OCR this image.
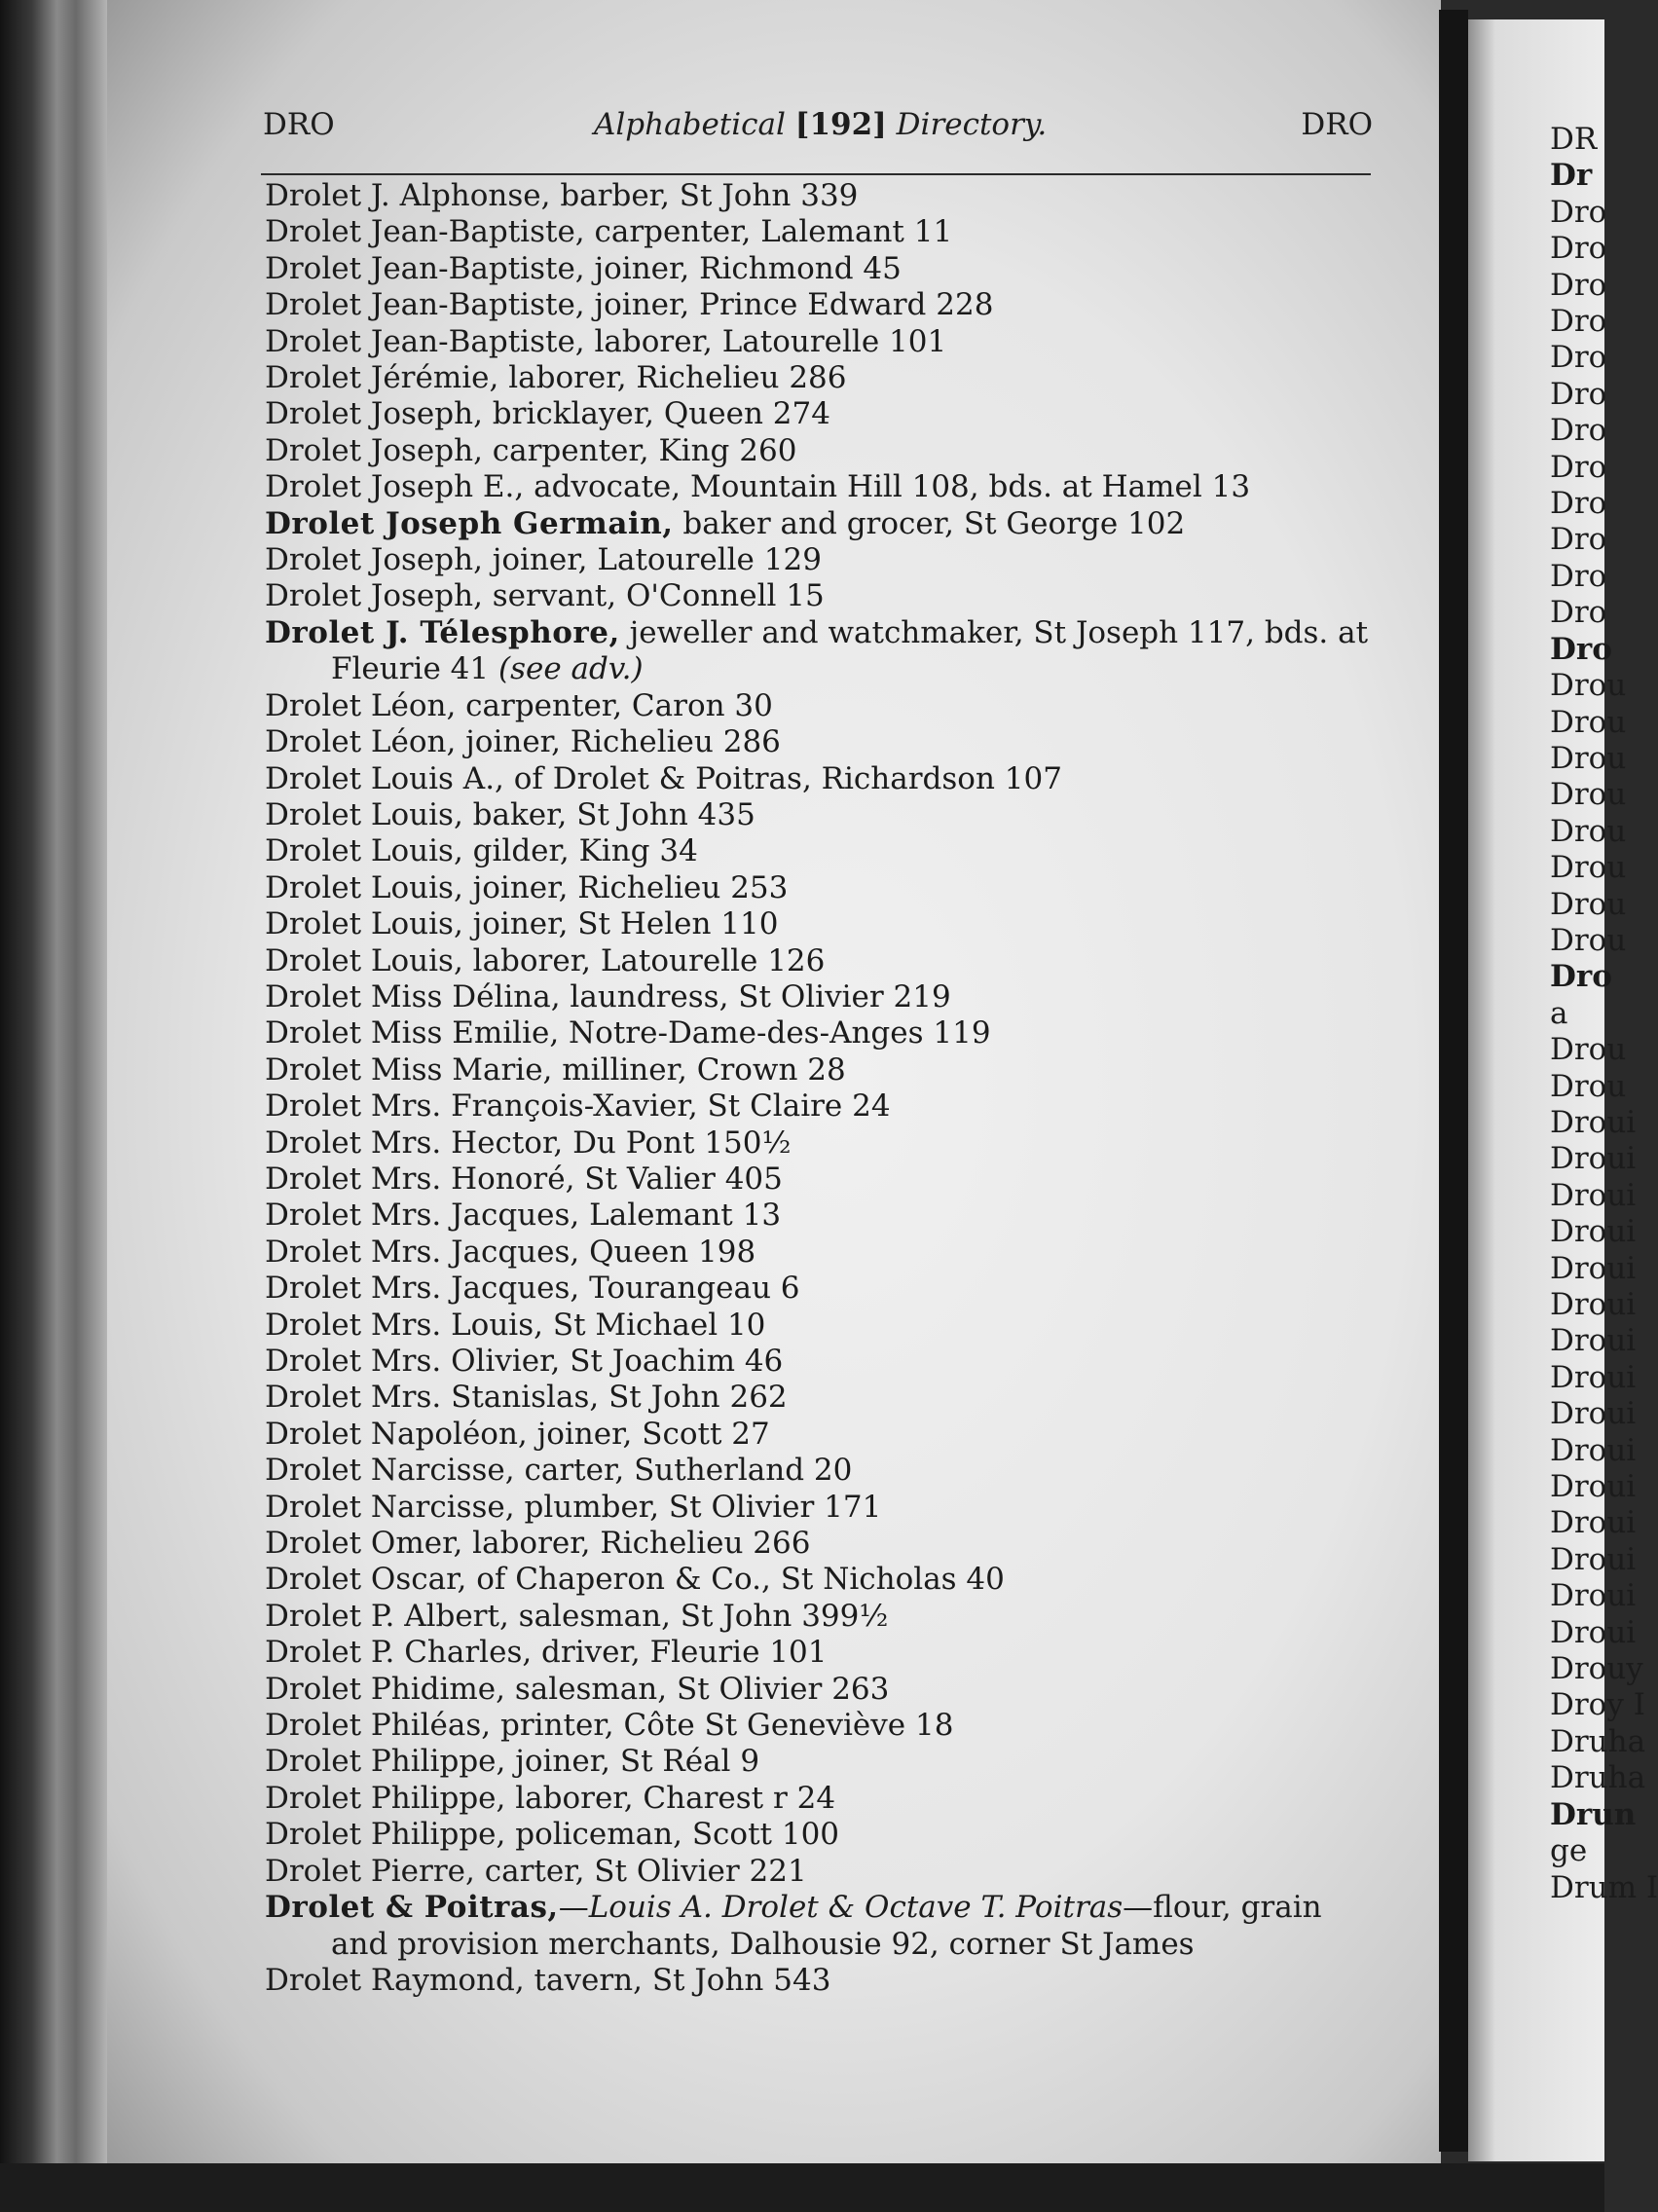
DRO	Alphabetical [192] Directory.	DRO
Drolet J. Alphonse, barber, St John 339
Drolet Jean-Baptiste, carpenter, Lalemant 11
Drolet Jean-Baptiste, joiner, Richmond 45
Drolet Jean-Baptiste, joiner, Prince Edward 228
Drolet Jean-Baptiste, laborer, Latourelle 101
Drolet Jérémie, laborer, Richelieu 286
Drolet Joseph, bricklayer, Queen 274
Drolet Joseph, carpenter, King 260
Drolet Joseph E., advocate, Mountain Hill 108, bds. at Hamel 13
Drolet Joseph Germain, baker and grocer, St George 102
Drolet Joseph, joiner, Latourelle 129
Drolet Joseph, servant, O'Connell 15
Drolet J. Télesphore, jeweller and watchmaker, St Joseph 117, bds. at Fleurie 41 (see adv.)
Drolet Léon, carpenter, Caron 30
Drolet Léon, joiner, Richelieu 286
Drolet Louis A., of Drolet & Poitras, Richardson 107
Drolet Louis, baker, St John 435
Drolet Louis, gilder, King 34
Drolet Louis, joiner, Richelieu 253
Drolet Louis, joiner, St Helen 110
Drolet Louis, laborer, Latourelle 126
Drolet Miss Délina, laundress, St Olivier 219
Drolet Miss Emilie, Notre-Dame-des-Anges 119
Drolet Miss Marie, milliner, Crown 28
Drolet Mrs. François-Xavier, St Claire 24
Drolet Mrs. Hector, Du Pont 150½
Drolet Mrs. Honoré, St Valier 405
Drolet Mrs. Jacques, Lalemant 13
Drolet Mrs. Jacques, Queen 198
Drolet Mrs. Jacques, Tourangeau 6
Drolet Mrs. Louis, St Michael 10
Drolet Mrs. Olivier, St Joachim 46
Drolet Mrs. Stanislas, St John 262
Drolet Napoléon, joiner, Scott 27
Drolet Narcisse, carter, Sutherland 20
Drolet Narcisse, plumber, St Olivier 171
Drolet Omer, laborer, Richelieu 266
Drolet Oscar, of Chaperon & Co., St Nicholas 40
Drolet P. Albert, salesman, St John 399½
Drolet P. Charles, driver, Fleurie 101
Drolet Phidime, salesman, St Olivier 263
Drolet Philéas, printer, Côte St Geneviève 18
Drolet Philippe, joiner, St Réal 9
Drolet Philippe, laborer, Charest r 24
Drolet Philippe, policeman, Scott 100
Drolet Pierre, carter, St Olivier 221
Drolet & Poitras,—Louis A. Drolet & Octave T. Poitras—flour, grain and provision merchants, Dalhousie 92, corner St James
Drolet Raymond, tavern, St John 543
DR
Dr
Dro
Dro
Dro
Dro
Dro
Dro
Dro
Dro
Dro
Dro
Dro
Dro
Dro
Drou
Drou
Drou
Drou
Drou
Drou
Drou
Drou
Dro
a
Drou
Drou
Droui
Droui
Droui
Droui
Droui
Droui
Droui
Droui
Droui
Droui
Droui
Droui
Droui
Droui
Droui
Drouy
Droy I
Druha
Druha
Drun
ge
Drum I
